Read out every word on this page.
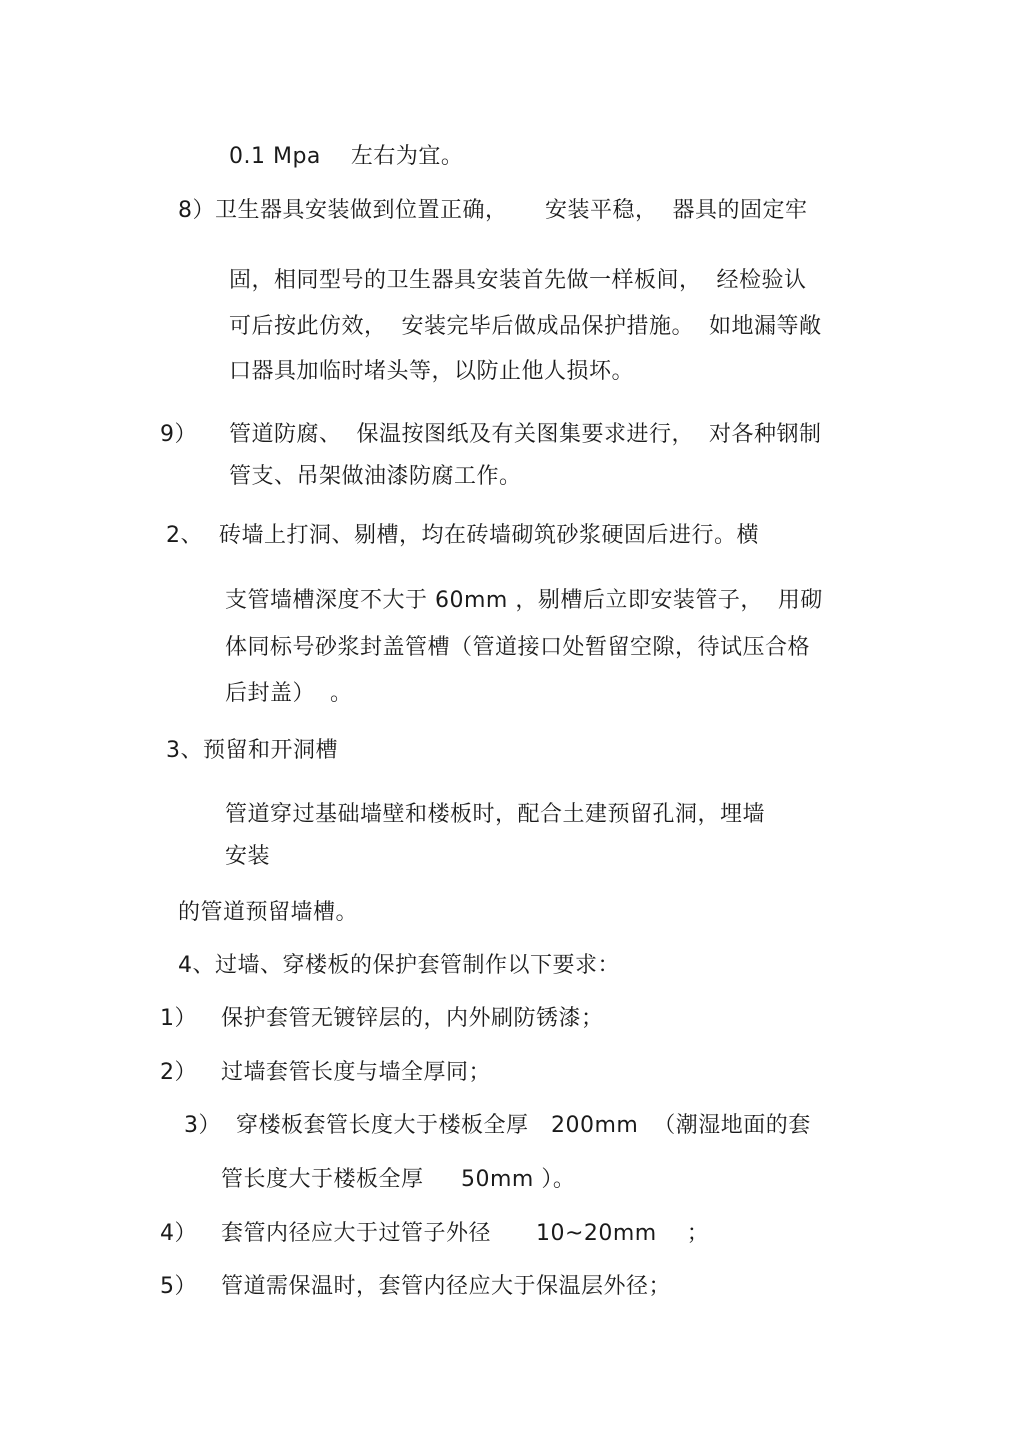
0.1 Mpa    左右为宜。
8）卫生器具安装做到位置正确，     安装平稳，  器具的固定牢
固，相同型号的卫生器具安装首先做一样板间，  经检验认
可后按此仿效，  安装完毕后做成品保护措施。  如地漏等敞
口器具加临时堵头等，以防止他人损坏。
9） 管道防腐、  保温按图纸及有关图集要求进行，  对各种钢制
管支、吊架做油漆防腐工作。
2、 砖墙上打洞、剔槽，均在砖墙砌筑砂浆硬固后进行。横
支管墙槽深度不大于 60mm ，剔槽后立即安装管子，  用砌
体同标号砂浆封盖管槽（管道接口处暂留空隙，待试压合格
后封盖）  。
3、预留和开洞槽
管道穿过基础墙壁和楼板时，配合土建预留孔洞，埋墙
安装
的管道预留墙槽。
4、过墙、穿楼板的保护套管制作以下要求：
1） 保护套管无镀锌层的，内外刷防锈漆；
2） 过墙套管长度与墙全厚同；
3）  穿楼板套管长度大于楼板全厚   200mm  （潮湿地面的套
管长度大于楼板全厚     50mm ）。
4） 套管内径应大于过管子外径      10~20mm    ；
5） 管道需保温时，套管内径应大于保温层外径；
